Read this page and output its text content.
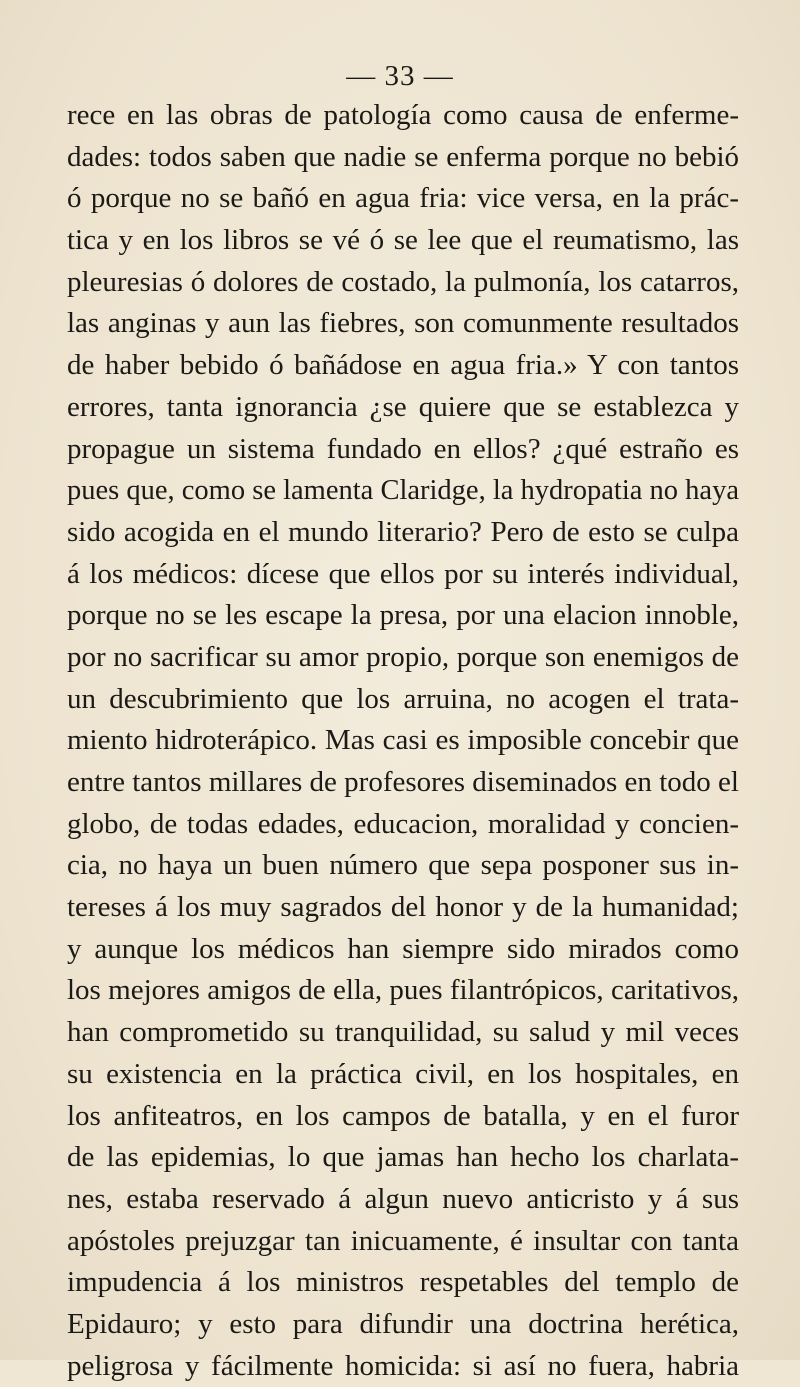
— 33 —
rece en las obras de patología como causa de enferme-
dades: todos saben que nadie se enferma porque no bebió
ó porque no se bañó en agua fria: vice versa, en la prác-
tica y en los libros se vé ó se lee que el reumatismo, las
pleuresias ó dolores de costado, la pulmonía, los catarros,
las anginas y aun las fiebres, son comunmente resultados
de haber bebido ó bañádose en agua fria.» Y con tantos
errores, tanta ignorancia ¿se quiere que se establezca y
propague un sistema fundado en ellos? ¿qué estraño es
pues que, como se lamenta Claridge, la hydropatia no haya
sido acogida en el mundo literario? Pero de esto se culpa
á los médicos: dícese que ellos por su interés individual,
porque no se les escape la presa, por una elacion innoble,
por no sacrificar su amor propio, porque son enemigos de
un descubrimiento que los arruina, no acogen el trata-
miento hidroterápico. Mas casi es imposible concebir que
entre tantos millares de profesores diseminados en todo el
globo, de todas edades, educacion, moralidad y concien-
cia, no haya un buen número que sepa posponer sus in-
tereses á los muy sagrados del honor y de la humanidad;
y aunque los médicos han siempre sido mirados como
los mejores amigos de ella, pues filantrópicos, caritativos,
han comprometido su tranquilidad, su salud y mil veces
su existencia en la práctica civil, en los hospitales, en
los anfiteatros, en los campos de batalla, y en el furor
de las epidemias, lo que jamas han hecho los charlata-
nes, estaba reservado á algun nuevo anticristo y á sus
apóstoles prejuzgar tan inicuamente, é insultar con tanta
impudencia á los ministros respetables del templo de
Epidauro; y esto para difundir una doctrina herética,
peligrosa y fácilmente homicida: si así no fuera, habria
